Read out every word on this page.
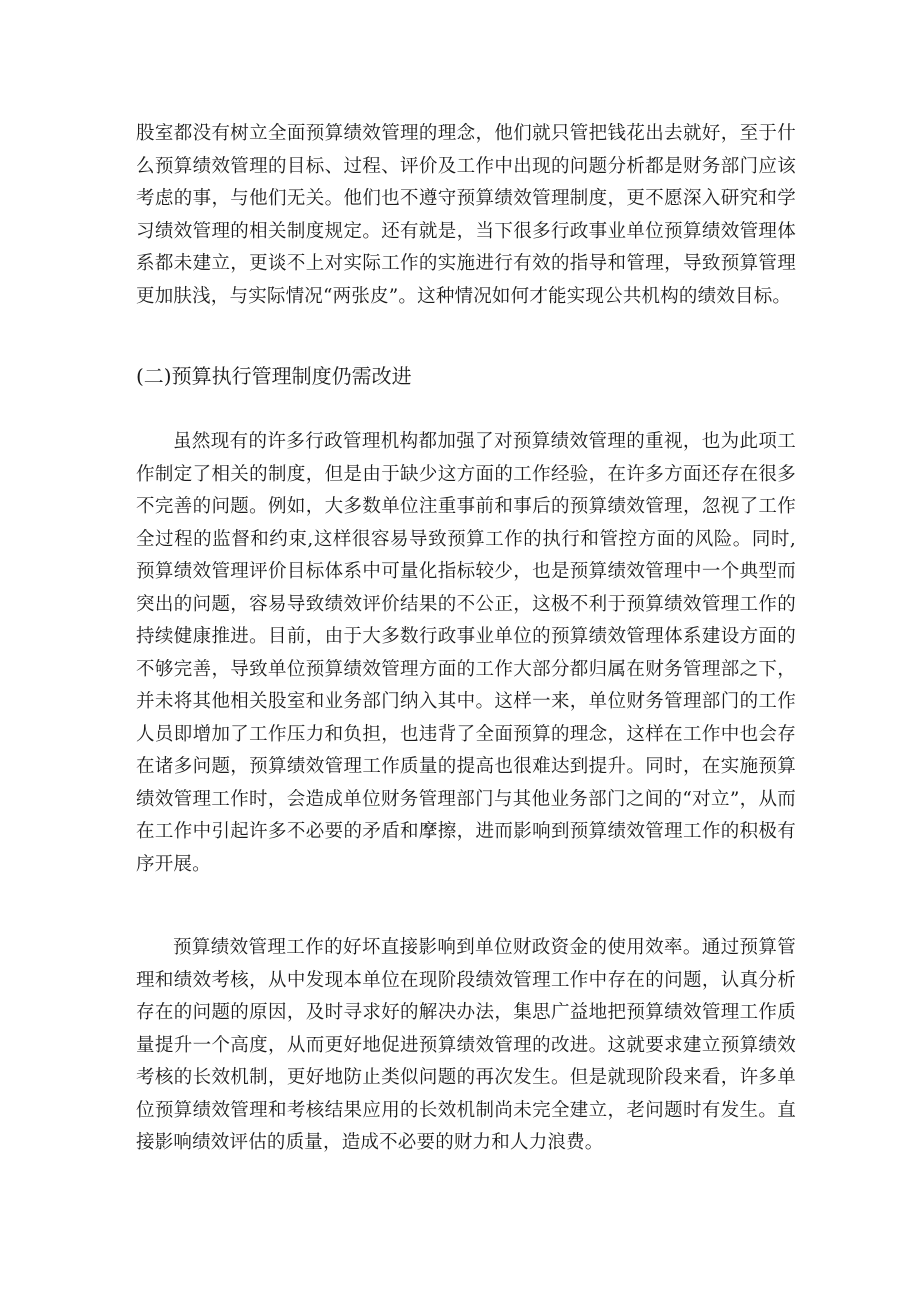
股室都没有树立全面预算绩效管理的理念，他们就只管把钱花出去就好，至于什么预算绩效管理的目标、过程、评价及工作中出现的问题分析都是财务部门应该考虑的事，与他们无关。他们也不遵守预算绩效管理制度，更不愿深入研究和学习绩效管理的相关制度规定。还有就是，当下很多行政事业单位预算绩效管理体系都未建立，更谈不上对实际工作的实施进行有效的指导和管理，导致预算管理更加肤浅，与实际情况“两张皮”。这种情况如何才能实现公共机构的绩效目标。

(二)预算执行管理制度仍需改进

虽然现有的许多行政管理机构都加强了对预算绩效管理的重视，也为此项工作制定了相关的制度，但是由于缺少这方面的工作经验，在许多方面还存在很多不完善的问题。例如，大多数单位注重事前和事后的预算绩效管理，忽视了工作全过程的监督和约束,这样很容易导致预算工作的执行和管控方面的风险。同时,预算绩效管理评价目标体系中可量化指标较少，也是预算绩效管理中一个典型而突出的问题，容易导致绩效评价结果的不公正，这极不利于预算绩效管理工作的持续健康推进。目前，由于大多数行政事业单位的预算绩效管理体系建设方面的不够完善，导致单位预算绩效管理方面的工作大部分都归属在财务管理部之下，并未将其他相关股室和业务部门纳入其中。这样一来，单位财务管理部门的工作人员即增加了工作压力和负担，也违背了全面预算的理念，这样在工作中也会存在诸多问题，预算绩效管理工作质量的提高也很难达到提升。同时，在实施预算绩效管理工作时，会造成单位财务管理部门与其他业务部门之间的“对立”，从而在工作中引起许多不必要的矛盾和摩擦，进而影响到预算绩效管理工作的积极有序开展。

预算绩效管理工作的好坏直接影响到单位财政资金的使用效率。通过预算管理和绩效考核，从中发现本单位在现阶段绩效管理工作中存在的问题，认真分析存在的问题的原因，及时寻求好的解决办法，集思广益地把预算绩效管理工作质量提升一个高度，从而更好地促进预算绩效管理的改进。这就要求建立预算绩效考核的长效机制，更好地防止类似问题的再次发生。但是就现阶段来看，许多单位预算绩效管理和考核结果应用的长效机制尚未完全建立，老问题时有发生。直接影响绩效评估的质量，造成不必要的财力和人力浪费。
